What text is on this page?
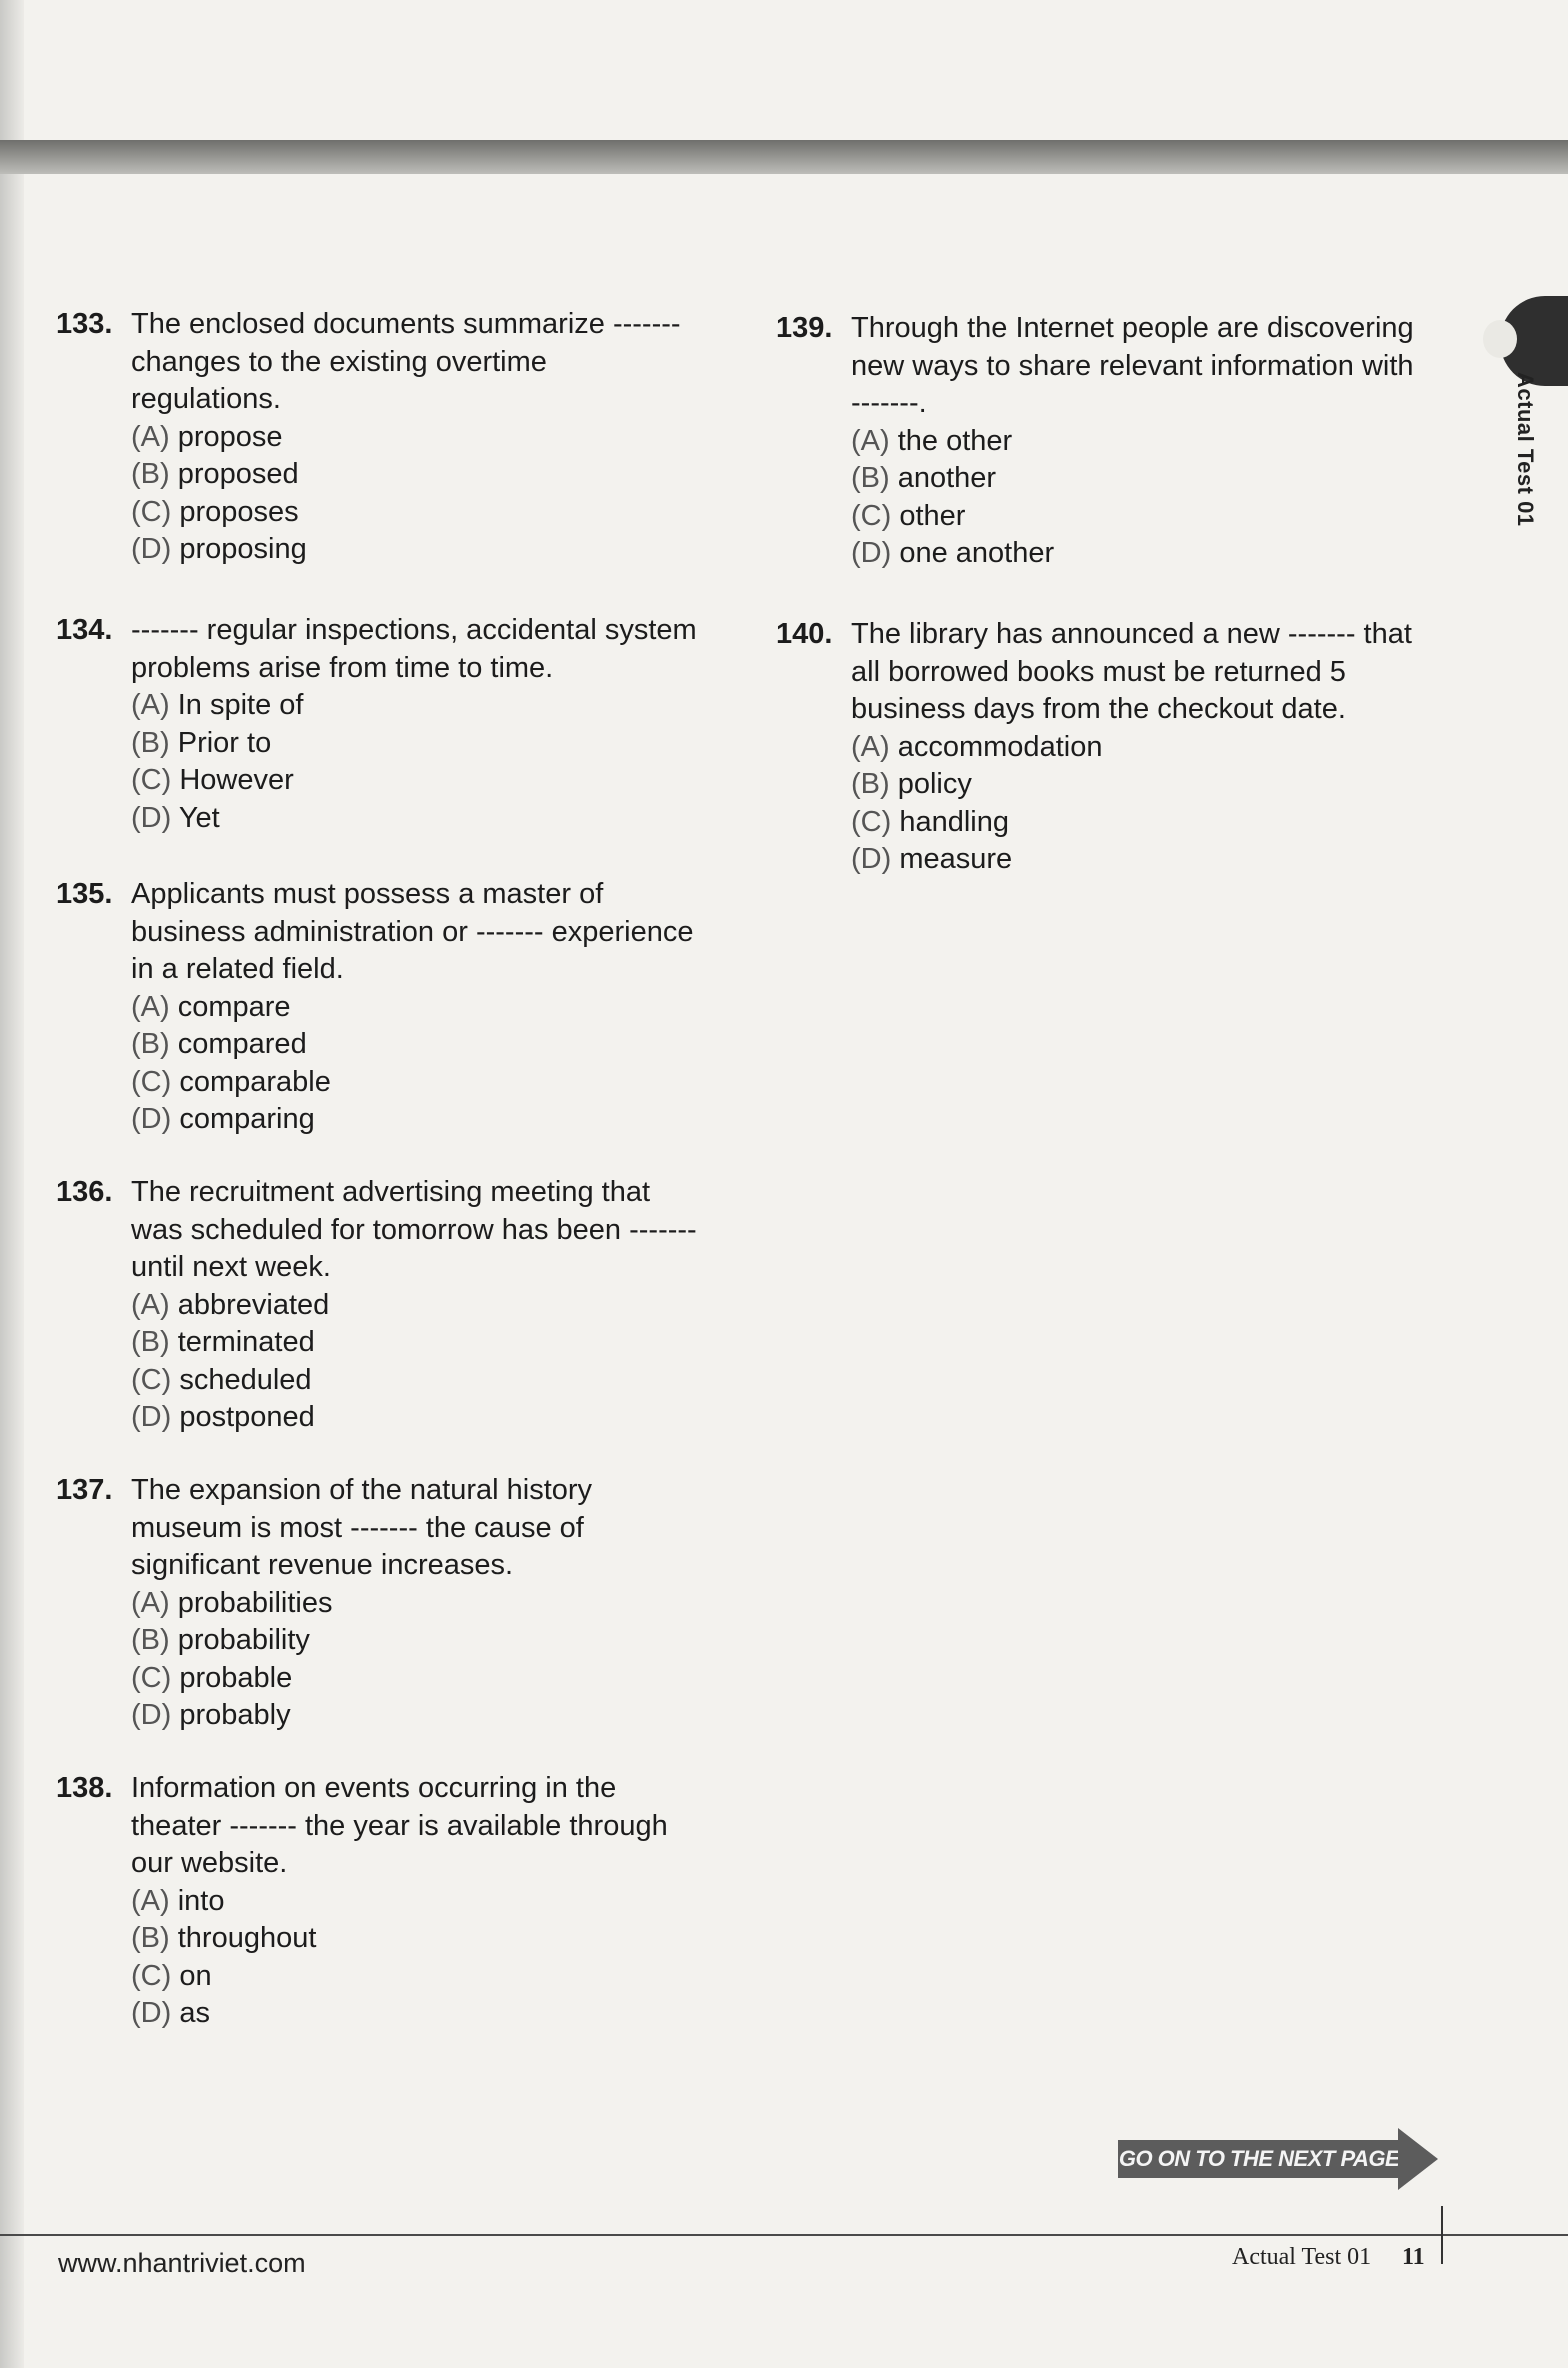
Actual Test 01
133. The enclosed documents summarize -------
changes to the existing overtime
regulations.
(A) propose
(B) proposed
(C) proposes
(D) proposing
134. ------- regular inspections, accidental system
problems arise from time to time.
(A) In spite of
(B) Prior to
(C) However
(D) Yet
135. Applicants must possess a master of
business administration or ------- experience
in a related field.
(A) compare
(B) compared
(C) comparable
(D) comparing
136. The recruitment advertising meeting that
was scheduled for tomorrow has been -------
until next week.
(A) abbreviated
(B) terminated
(C) scheduled
(D) postponed
137. The expansion of the natural history
museum is most ------- the cause of
significant revenue increases.
(A) probabilities
(B) probability
(C) probable
(D) probably
138. Information on events occurring in the
theater ------- the year is available through
our website.
(A) into
(B) throughout
(C) on
(D) as
139. Through the Internet people are discovering
new ways to share relevant information with
-------.
(A) the other
(B) another
(C) other
(D) one another
140. The library has announced a new ------- that
all borrowed books must be returned 5
business days from the checkout date.
(A) accommodation
(B) policy
(C) handling
(D) measure
GO ON TO THE NEXT PAGE
www.nhantriviet.com	Actual Test 01 11
